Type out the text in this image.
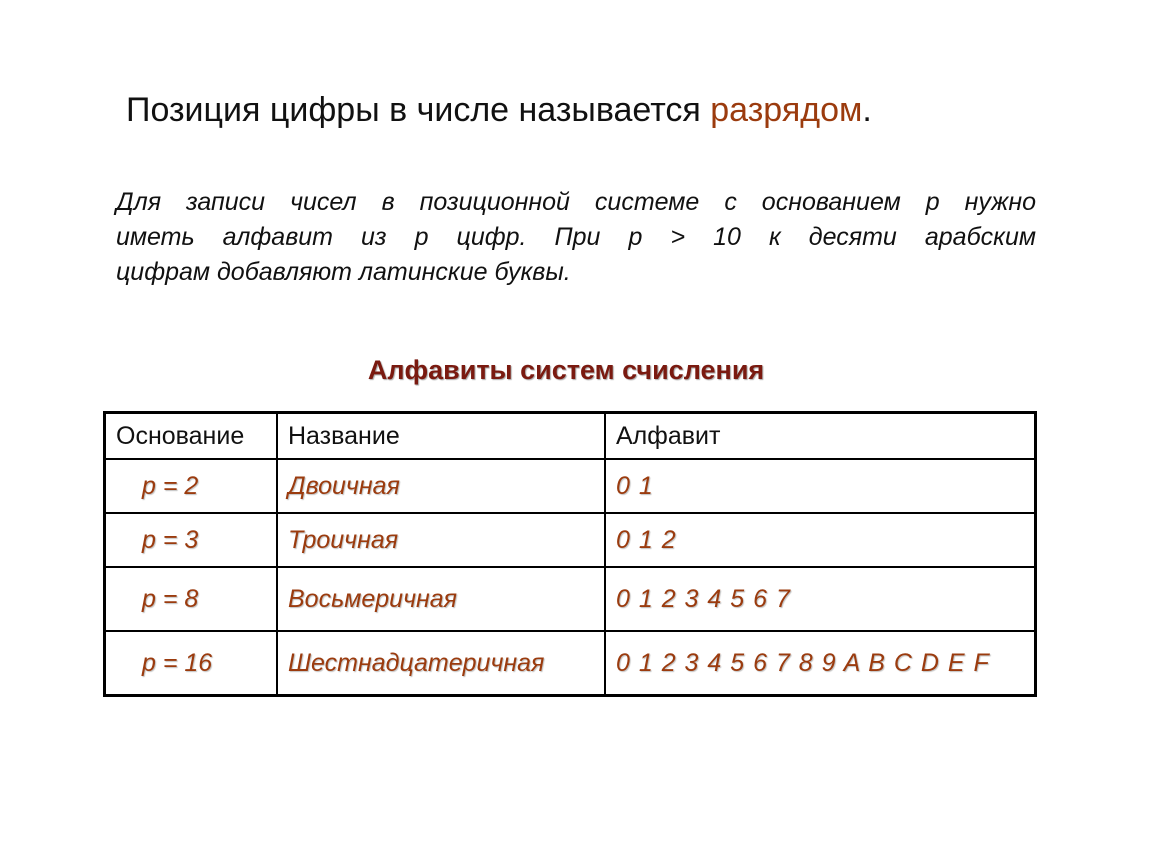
Позиция цифры в числе называется разрядом.
Для записи чисел в позиционной системе с основанием p нужно
иметь алфавит из p цифр. При p > 10 к десяти арабским
цифрам добавляют латинские буквы.
Алфавиты систем счисления
Основание	Название	Алфавит
p = 2	Двоичная	0 1
p = 3	Троичная	0 1 2
p = 8	Восьмеричная	0 1 2 3 4 5 6 7
p = 16	Шестнадцатеричная	0 1 2 3 4 5 6 7 8 9 A B C D E F
